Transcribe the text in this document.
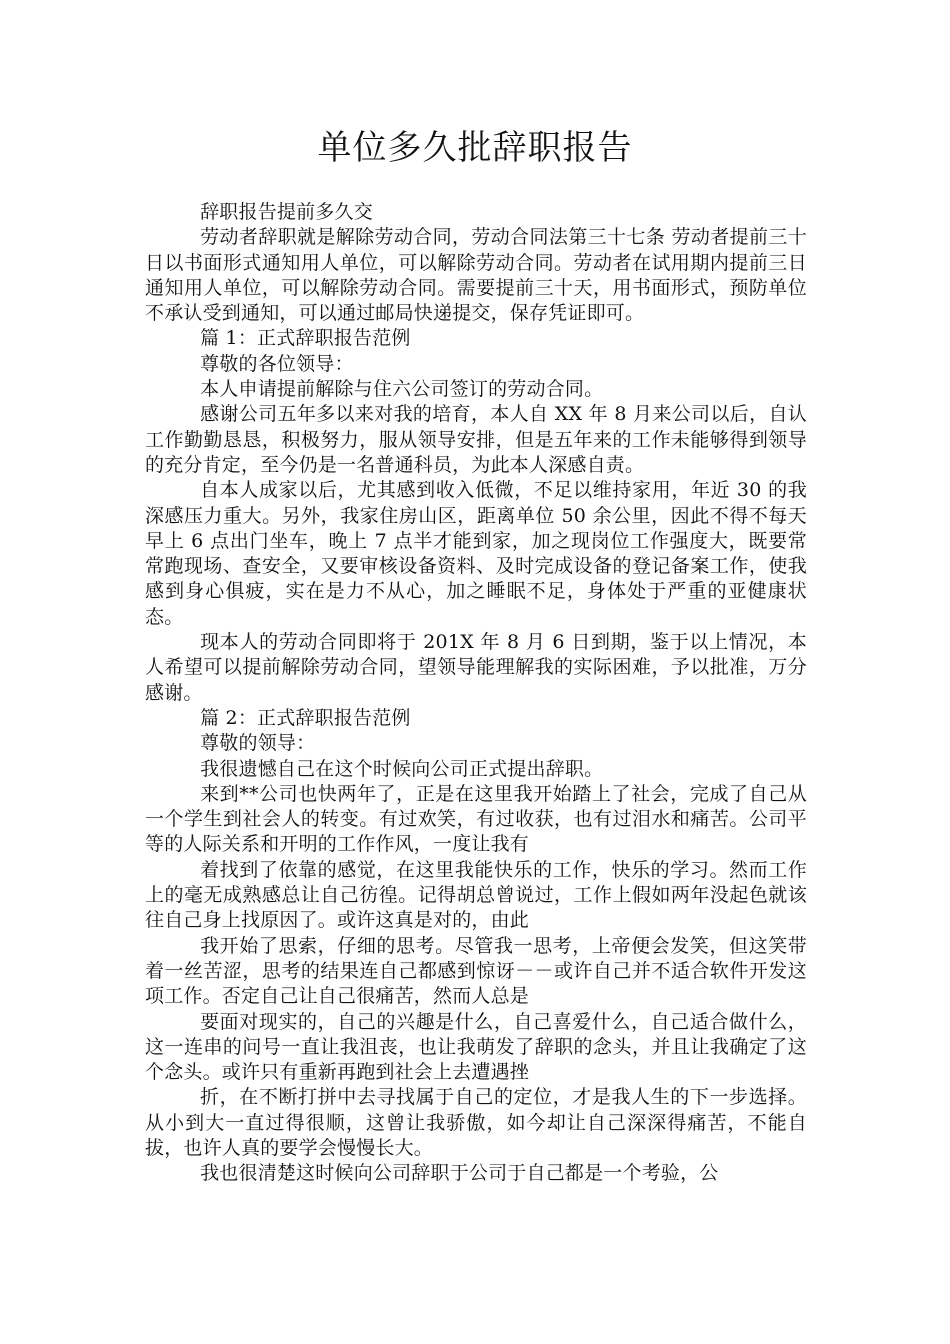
单位多久批辞职报告

辞职报告提前多久交

劳动者辞职就是解除劳动合同，劳动合同法第三十七条 劳动者提前三十日以书面形式通知用人单位，可以解除劳动合同。劳动者在试用期内提前三日通知用人单位，可以解除劳动合同。需要提前三十天，用书面形式，预防单位不承认受到通知，可以通过邮局快递提交，保存凭证即可。

篇 1：正式辞职报告范例

尊敬的各位领导：

本人申请提前解除与住六公司签订的劳动合同。

感谢公司五年多以来对我的培育，本人自 XX 年 8 月来公司以后，自认工作勤勤恳恳，积极努力，服从领导安排，但是五年来的工作未能够得到领导的充分肯定，至今仍是一名普通科员，为此本人深感自责。

自本人成家以后，尤其感到收入低微，不足以维持家用，年近 30 的我深感压力重大。另外，我家住房山区，距离单位 50 余公里，因此不得不每天早上 6 点出门坐车，晚上 7 点半才能到家，加之现岗位工作强度大，既要常常跑现场、查安全，又要审核设备资料、及时完成设备的登记备案工作，使我感到身心俱疲，实在是力不从心，加之睡眠不足，身体处于严重的亚健康状态。

现本人的劳动合同即将于 201X 年 8 月 6 日到期，鉴于以上情况，本人希望可以提前解除劳动合同，望领导能理解我的实际困难，予以批准，万分感谢。

篇 2：正式辞职报告范例

尊敬的领导：

我很遗憾自己在这个时候向公司正式提出辞职。

来到**公司也快两年了，正是在这里我开始踏上了社会，完成了自己从一个学生到社会人的转变。有过欢笑，有过收获，也有过泪水和痛苦。公司平等的人际关系和开明的工作作风，一度让我有

着找到了依靠的感觉，在这里我能快乐的工作，快乐的学习。然而工作上的毫无成熟感总让自己彷徨。记得胡总曾说过，工作上假如两年没起色就该往自己身上找原因了。或许这真是对的，由此

我开始了思索，仔细的思考。尽管我一思考，上帝便会发笑，但这笑带着一丝苦涩，思考的结果连自己都感到惊讶－－或许自己并不适合软件开发这项工作。否定自己让自己很痛苦，然而人总是

要面对现实的，自己的兴趣是什么，自己喜爱什么，自己适合做什么，这一连串的问号一直让我沮丧，也让我萌发了辞职的念头，并且让我确定了这个念头。或许只有重新再跑到社会上去遭遇挫

折，在不断打拼中去寻找属于自己的定位，才是我人生的下一步选择。从小到大一直过得很顺，这曾让我骄傲，如今却让自己深深得痛苦，不能自拔，也许人真的要学会慢慢长大。

我也很清楚这时候向公司辞职于公司于自己都是一个考验，公
